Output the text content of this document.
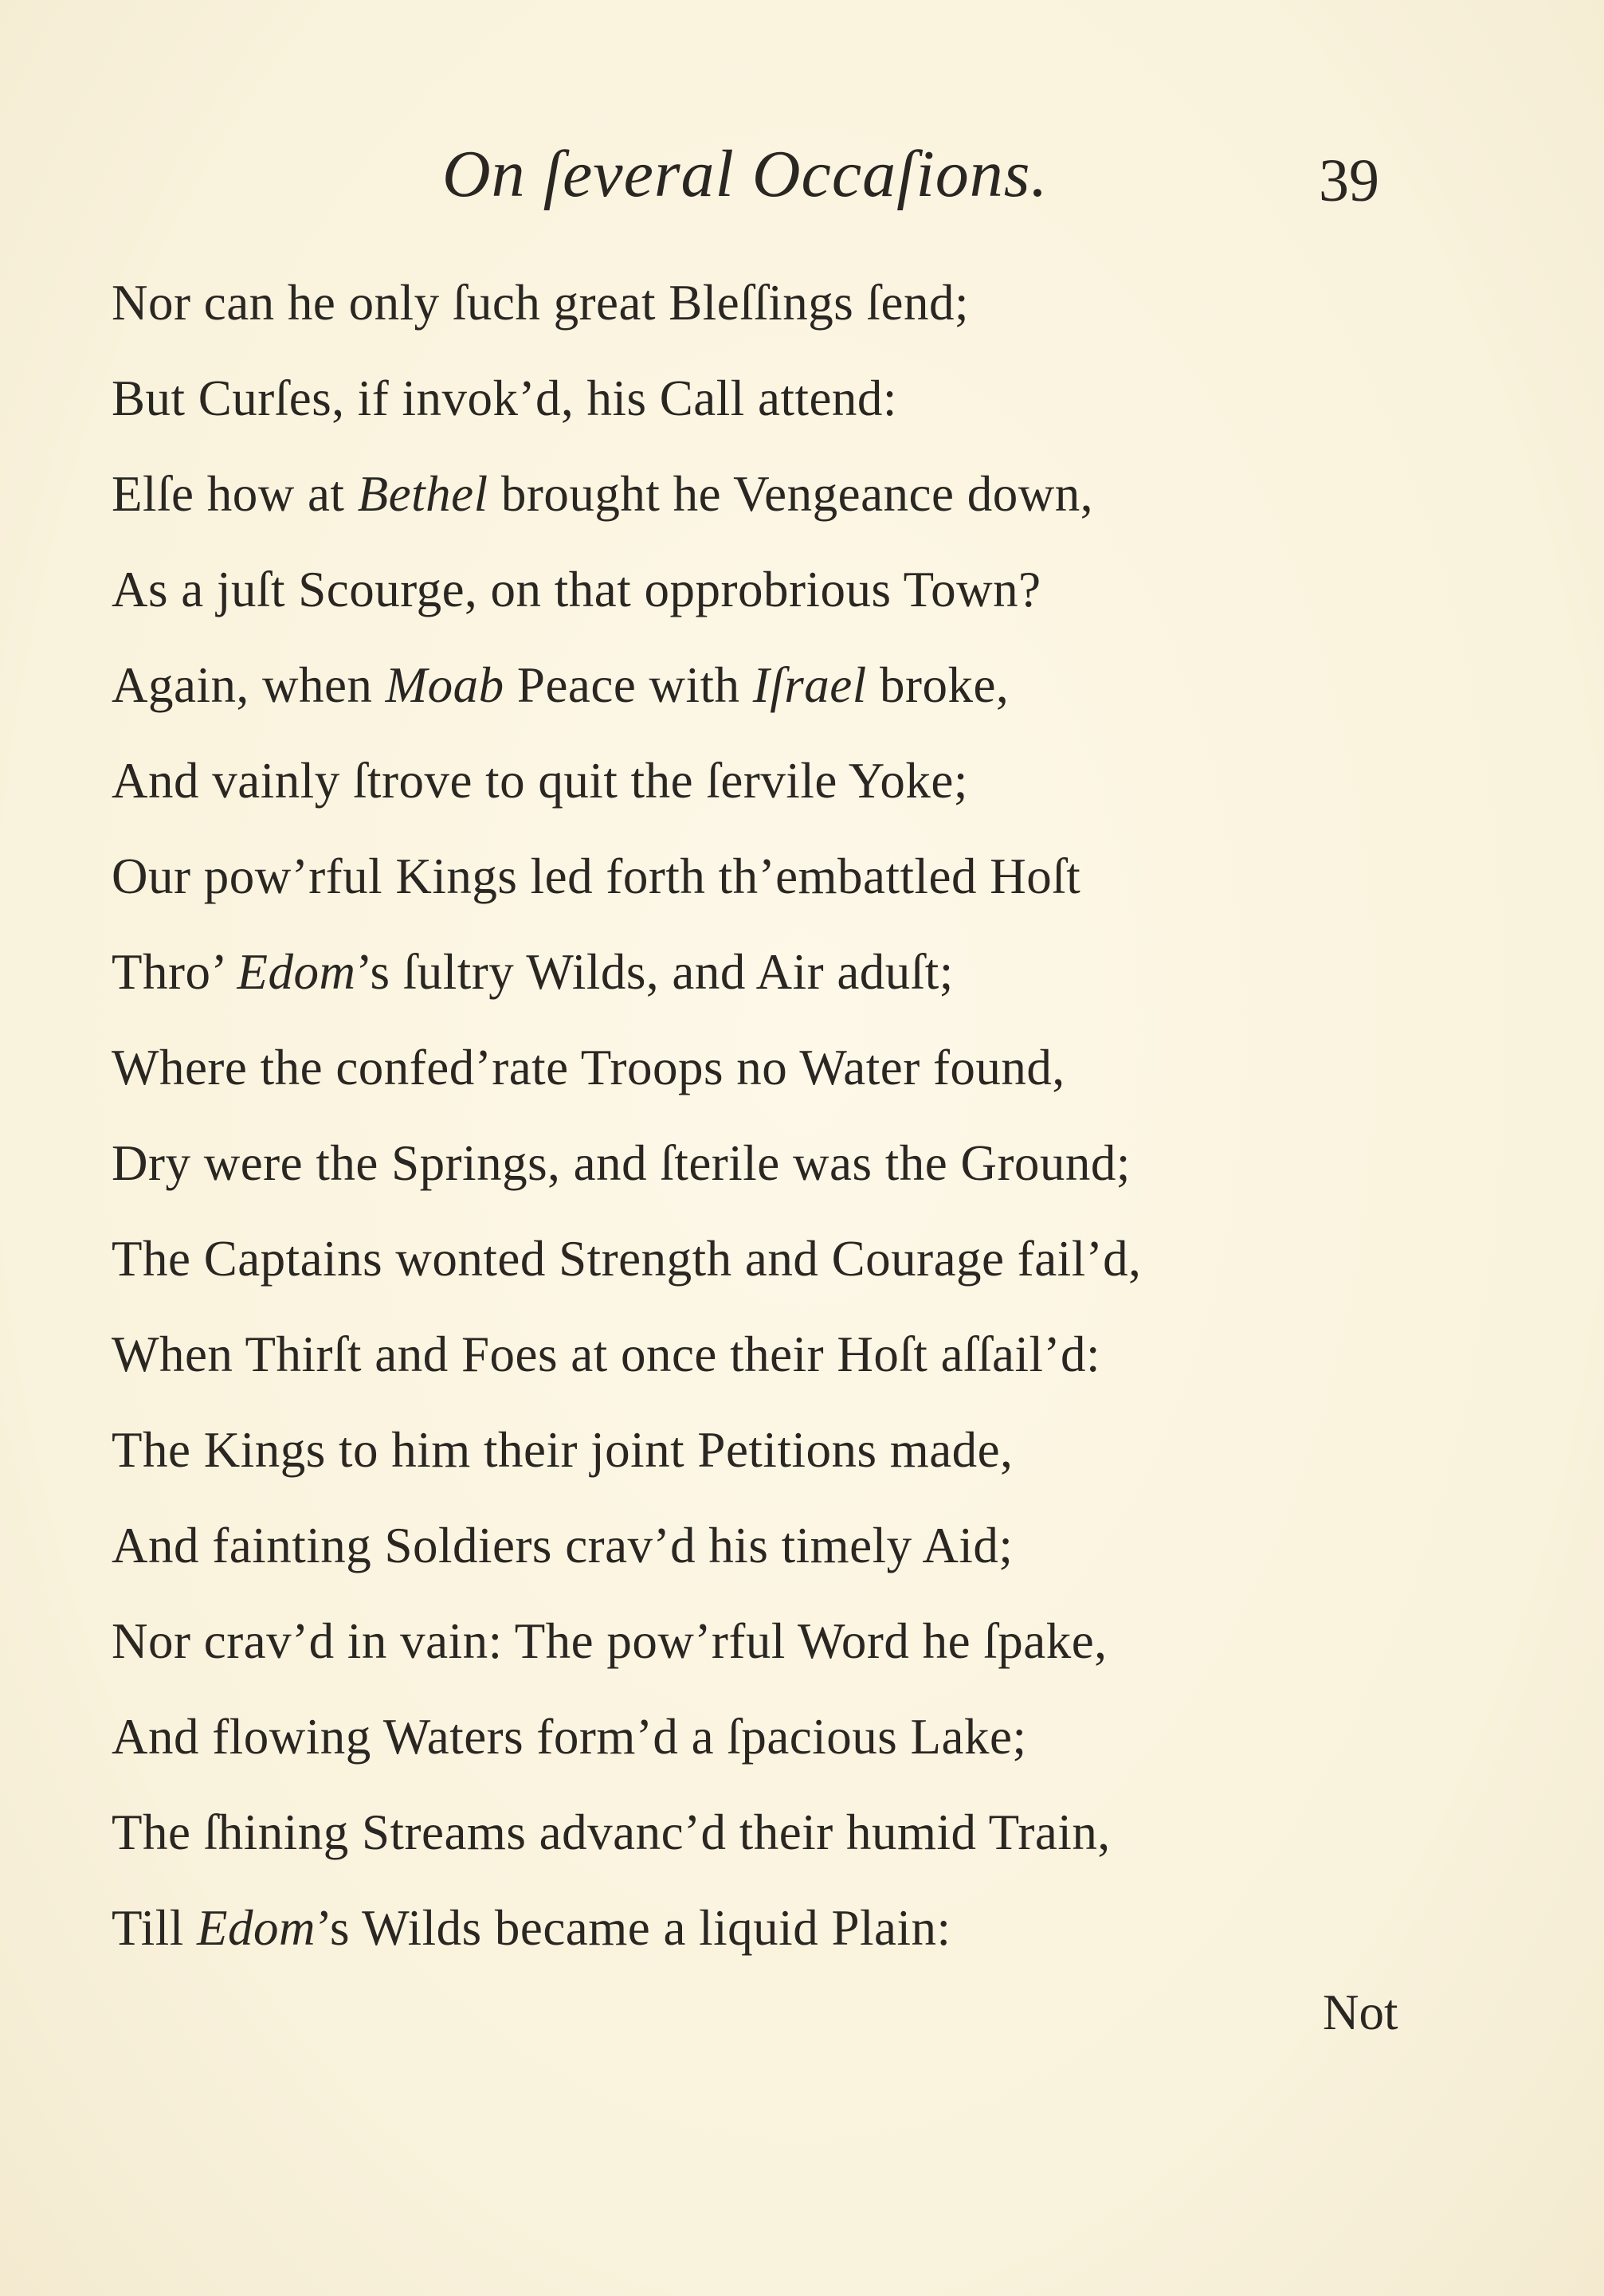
On ſeveral Occaſions.	39
Nor can he only ſuch great Bleſſings ſend;
But Curſes, if invok’d, his Call attend:
Elſe how at Bethel brought he Vengeance down,
As a juſt Scourge, on that opprobrious Town?
Again, when Moab Peace with Iſrael broke,
And vainly ſtrove to quit the ſervile Yoke;
Our pow’rful Kings led forth th’embattled Hoſt
Thro’ Edom’s ſultry Wilds, and Air aduſt;
Where the confed’rate Troops no Water found,
Dry were the Springs, and ſterile was the Ground;
The Captains wonted Strength and Courage fail’d,
When Thirſt and Foes at once their Hoſt aſſail’d:
The Kings to him their joint Petitions made,
And fainting Soldiers crav’d his timely Aid;
Nor crav’d in vain: The pow’rful Word he ſpake,
And flowing Waters form’d a ſpacious Lake;
The ſhining Streams advanc’d their humid Train,
Till Edom’s Wilds became a liquid Plain:
Not
